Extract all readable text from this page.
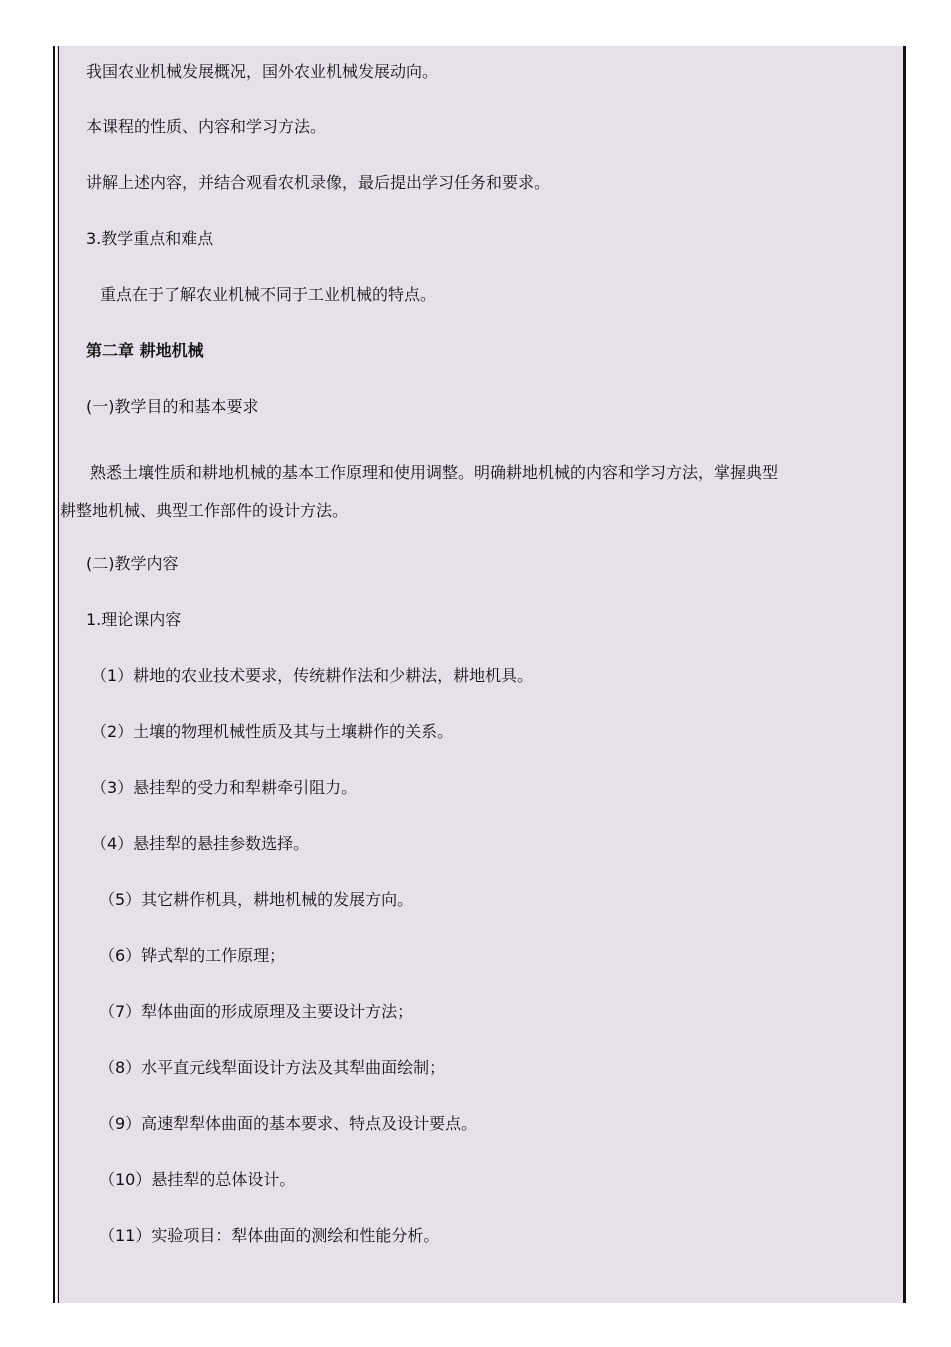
我国农业机械发展概况，国外农业机械发展动向。
本课程的性质、内容和学习方法。
讲解上述内容，并结合观看农机录像，最后提出学习任务和要求。
3.教学重点和难点
重点在于了解农业机械不同于工业机械的特点。
第二章 耕地机械
(一)教学目的和基本要求
熟悉土壤性质和耕地机械的基本工作原理和使用调整。明确耕地机械的内容和学习方法，掌握典型
耕整地机械、典型工作部件的设计方法。
(二)教学内容
1.理论课内容
（1）耕地的农业技术要求，传统耕作法和少耕法，耕地机具。
（2）土壤的物理机械性质及其与土壤耕作的关系。
（3）悬挂犁的受力和犁耕牵引阻力。
（4）悬挂犁的悬挂参数选择。
（5）其它耕作机具，耕地机械的发展方向。
（6）铧式犁的工作原理；
（7）犁体曲面的形成原理及主要设计方法；
（8）水平直元线犁面设计方法及其犁曲面绘制；
（9）高速犁犁体曲面的基本要求、特点及设计要点。
（10）悬挂犁的总体设计。
（11）实验项目：犁体曲面的测绘和性能分析。
